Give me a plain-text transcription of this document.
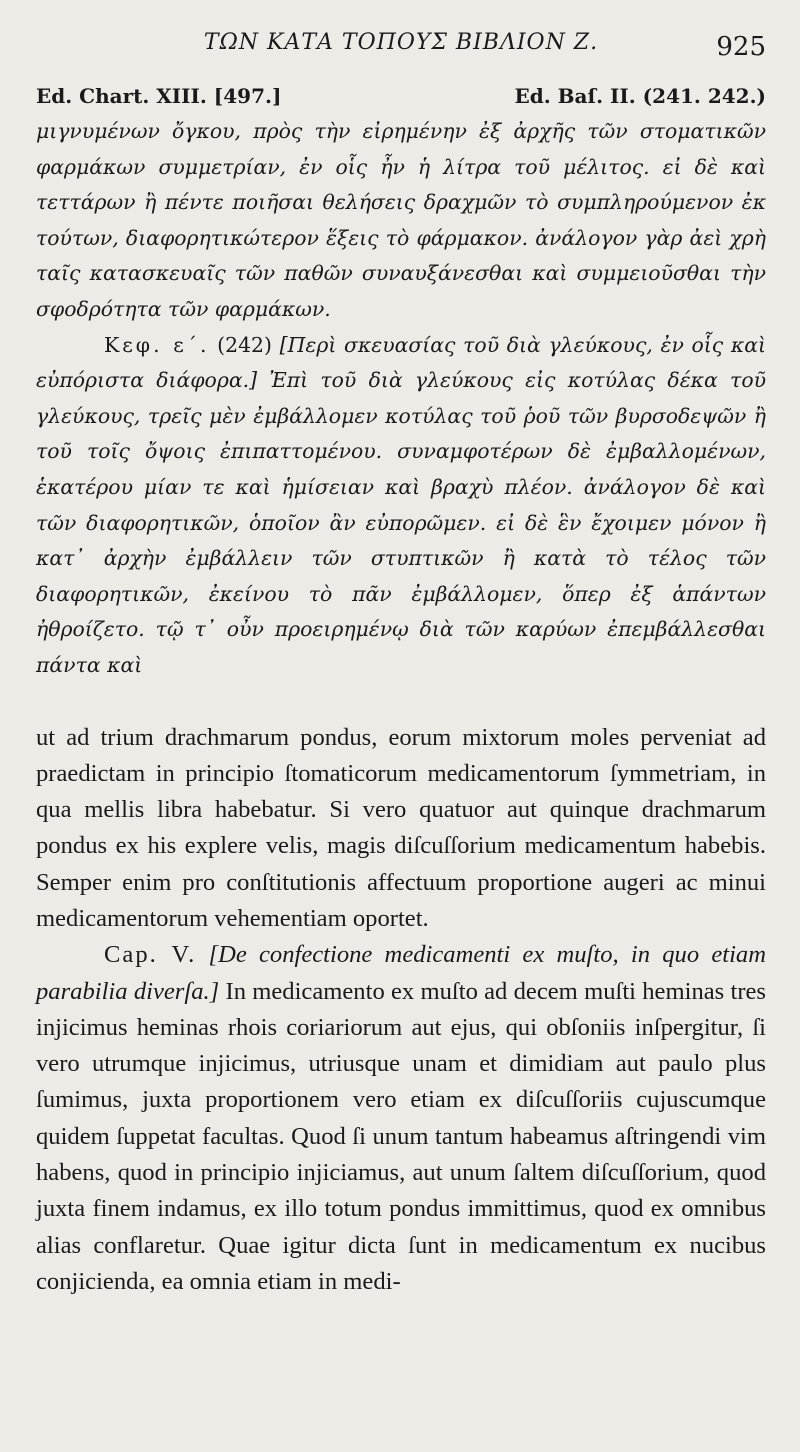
ΤΩΝ ΚΑΤΑ ΤΟΠΟΥΣ ΒΙΒΛΙΟΝ Ζ.	925
Ed. Chart. XIII. [497.]	Ed. Baſ. II. (241. 242.)

μιγνυμένων ὄγκου, πρὸς τὴν εἰρημένην ἐξ ἀρχῆς τῶν στοματικῶν φαρμάκων συμμετρίαν, ἐν οἷς ἦν ἡ λίτρα τοῦ μέλιτος. εἰ δὲ καὶ τεττάρων ἢ πέντε ποιῆσαι θελήσεις δραχμῶν τὸ συμπληρούμενον ἐκ τούτων, διαφορητικώτερον ἕξεις τὸ φάρμακον. ἀνάλογον γὰρ ἀεὶ χρὴ ταῖς κατασκευαῖς τῶν παθῶν συναυξάνεσθαι καὶ συμμειοῦσθαι τὴν σφοδρότητα τῶν φαρμάκων.

Κεφ. ε΄. (242) [Περὶ σκευασίας τοῦ διὰ γλεύκους, ἐν οἷς καὶ εὐπόριστα διάφορα.] Ἐπὶ τοῦ διὰ γλεύκους εἰς κοτύλας δέκα τοῦ γλεύκους, τρεῖς μὲν ἐμβάλλομεν κοτύλας τοῦ ῥοῦ τῶν βυρσοδεψῶν ἢ τοῦ τοῖς ὄψοις ἐπιπαττομένου. συναμφοτέρων δὲ ἐμβαλλομένων, ἑκατέρου μίαν τε καὶ ἡμίσειαν καὶ βραχὺ πλέον. ἀνάλογον δὲ καὶ τῶν διαφορητικῶν, ὁποῖον ἂν εὐπορῶμεν. εἰ δὲ ἓν ἔχοιμεν μόνον ἢ κατ᾽ ἀρχὴν ἐμβάλλειν τῶν στυπτικῶν ἢ κατὰ τὸ τέλος τῶν διαφορητικῶν, ἐκείνου τὸ πᾶν ἐμβάλλομεν, ὅπερ ἐξ ἁπάντων ἠθροίζετο. τῷ τ᾽ οὖν προειρημένῳ διὰ τῶν καρύων ἐπεμβάλλεσθαι πάντα καὶ

ut ad trium drachmarum pondus, eorum mixtorum moles perveniat ad praedictam in principio ſtomaticorum medicamentorum ſymmetriam, in qua mellis libra habebatur. Si vero quatuor aut quinque drachmarum pondus ex his explere velis, magis diſcuſſorium medicamentum habebis. Semper enim pro conſtitutionis affectuum proportione augeri ac minui medicamentorum vehementiam oportet.

Cap. V. [De confectione medicamenti ex muſto, in quo etiam parabilia diverſa.] In medicamento ex muſto ad decem muſti heminas tres injicimus heminas rhois coriariorum aut ejus, qui obſoniis inſpergitur, ſi vero utrumque injicimus, utriusque unam et dimidiam aut paulo plus ſumimus, juxta proportionem vero etiam ex diſcuſſoriis cujuscumque quidem ſuppetat facultas. Quod ſi unum tantum habeamus aſtringendi vim habens, quod in principio injiciamus, aut unum ſaltem diſcuſſorium, quod juxta finem indamus, ex illo totum pondus immittimus, quod ex omnibus alias conflaretur. Quae igitur dicta ſunt in medicamentum ex nucibus conjicienda, ea omnia etiam in medi-
